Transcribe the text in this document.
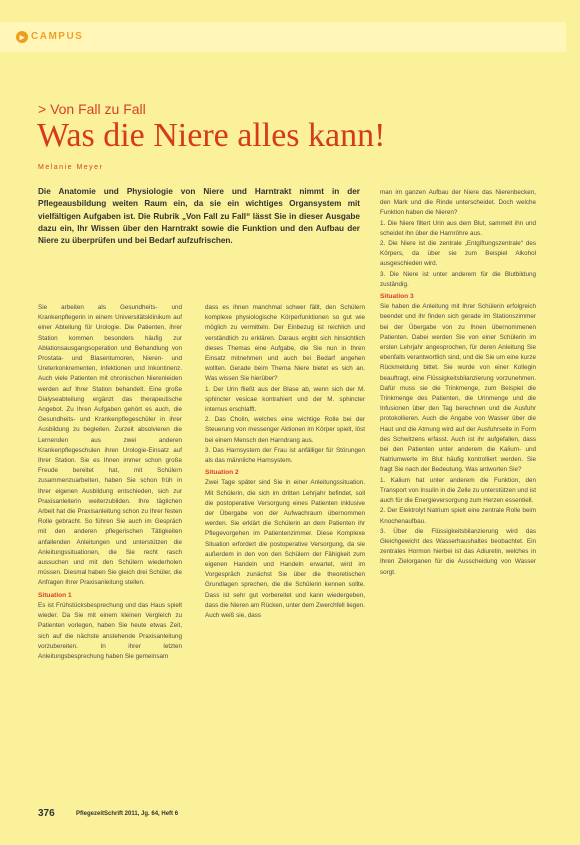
▸ CAMPUS
> Von Fall zu Fall
Was die Niere alles kann!
Melanie Meyer
Die Anatomie und Physiologie von Niere und Harntrakt nimmt in der Pflegeausbildung weiten Raum ein, da sie ein wichtiges Organsystem mit vielfältigen Aufgaben ist. Die Rubrik „Von Fall zu Fall“ lässt Sie in dieser Ausgabe dazu ein, Ihr Wissen über den Harntrakt sowie die Funktion und den Aufbau der Niere zu überprüfen und bei Bedarf aufzufrischen.

Sie arbeiten als Gesundheits- und Krankenpflegerin in einem Universitätsklinikum auf einer Abteilung für Urologie. Die Patienten, ihrer Station kommen besonders häufig zur Ablationsausgangsoperation und Behandlung von Prostata- und Blasentumoren, Nieren- und Ureterkonkrementen, Infektionen und Inkontinenz. Auch viele Patienten mit chronischen Nierenleiden werden auf Ihrer Station behandelt. Eine große Dialyseabteilung ergänzt das therapeutische Angebot. Zu Ihren Aufgaben gehört es auch, die Gesundheits- und Krankenpflegeschüler in ihrer Ausbildung zu begleiten. Zurzeit absolvieren die Lernenden aus zwei anderen Krankenpflegeschulen ihren Urologie-Einsatz auf Ihrer Station. Sie es Ihnen immer schon große Freude bereitet hat, mit Schülern zusammenzuarbeiten, haben Sie schon früh in Ihrer eigenen Ausbildung entschieden, sich zur Praxisanleiterin weiterzubilden. Ihre täglichen Arbeit hat die Praxisanleitung schon zu Ihrer festen Rolle gebracht. So führen Sie auch im Gespräch mit den anderen pflegerischen Tätigkeiten anfallenden Anleitungen und unterstützen die Anleitungssituationen, die Sie recht rasch aussuchen und mit den Schülern wiederholen müssen. Diesmal haben Sie gleich drei Schüler, die Anfragen Ihrer Praxisanleitung stellen.

Situation 1

Es ist Frühstücksbesprechung und das Haus spielt wieder. Da Sie mit einem kleinen Vergleich zu Patienten vorlegen, haben Sie heute etwas Zeit, sich auf die nächste anstehende Praxisanleitung vorzubereiten. In ihrer letzten Anleitungsbesprechung haben Sie gemeinsam

dass es ihnen manchmal schwer fällt, den Schülern komplexe physiologische Körperfunktionen so gut wie möglich zu vermitteln. Der Einbezug ist reichlich und verständlich zu erklären. Daraus ergibt sich hinsichtlich dieses Themas eine Aufgabe, die Sie nun in Ihren Einsatz mitnehmen und auch bei Bedarf angehen wollten. Gerade beim Thema Niere bietet es sich an. Was wissen Sie hierüber?

1. Der Urin fließt aus der Blase ab, wenn sich der M. sphincter vesicae kontrahiert und der M. sphincter internus erschlafft.

2. Das Cholin, welches eine wichtige Rolle bei der Steuerung von messenger Aktionen im Körper spielt, löst bei einem Mensch den Harndrang aus.

3. Das Harnsystem der Frau ist anfälliger für Störungen als das männliche Harnsystem.

Situation 2

Zwei Tage später sind Sie in einer Anleitungssituation. Mit Schülerin, die sich im dritten Lehrjahr befindet, soll die postoperative Versorgung eines Patienten inklusive der Übergabe von der Aufwachraum übernommen werden. Sie erklärt die Schülerin an dem Patienten ihr Pflegevorgehen im Patientenzimmer. Diese Komplexe Situation erfordert die postoperative Versorgung, da sie außerdem in den von den Schülern der Fähigkeit zum eigenen Handeln und Handeln erwartet, wird im Vorgespräch zunächst Sie über die theoretischen Grundlagen sprechen, die die Schülerin kennen sollte. Dass ist sehr gut vorbereitet und kann wiedergeben, dass die Nieren am Rücken, unter dem Zwerchfell liegen. Auch weiß sie, dass

man im ganzen Aufbau der Niere das Nierenbecken, den Mark und die Rinde unterscheidet. Doch welche Funktion haben die Nieren?

1. Die Niere filtert Urin aus dem Blut, sammelt ihn und scheidet ihn über die Harnröhre aus.

2. Die Niere ist die zentrale „Entgiftungszentrale“ des Körpers, da über sie zum Beispiel Alkohol ausgeschieden wird.

3. Die Niere ist unter anderem für die Blutbildung zuständig.

Situation 3

Sie haben die Anleitung mit Ihrer Schülerin erfolgreich beendet und ihr finden sich gerade im Stationszimmer bei der Übergabe von zu Ihnen übernommenen Patienten. Dabei werden Sie von einer Schülerin im ersten Lehrjahr angesprochen, für deren Anleitung Sie ebenfalls verantwortlich sind, und die Sie um eine kurze Rückmeldung bittet. Sie wurde von einer Kollegin beauftragt, eine Flüssigkeitsbilanzierung vorzunehmen. Dafür muss sie die Trinkmenge, zum Beispiel die Trinkmenge des Patienten, die Urinmenge und die Infusionen über den Tag berechnen und die Ausfuhr protokollieren. Auch die Angabe von Wasser über die Haut und die Atmung wird auf der Ausfuhrseite in Form des Schwitzens erfasst. Auch ist ihr aufgefallen, dass bei den Patienten unter anderem die Kalium- und Natriumwerte im Blut häufig kontrolliert werden. Sie fragt Sie nach der Bedeutung. Was antworten Sie?

1. Kalium hat unter anderem die Funktion, den Transport von Insulin in die Zelle zu unterstützen und ist auch für die Energieversorgung zum Herzen essentiell.

2. Der Elektrolyt Natrium spielt eine zentrale Rolle beim Knochenaufbau.

3. Über die Flüssigkeitsbilanzierung wird das Gleichgewicht des Wasserhaushaltes beobachtet. Ein zentrales Hormon hierbei ist das Adiuretin, welches in Ihren Zielorganen für die Ausscheidung von Wasser sorgt.

376	PflegezeitSchrift 2011, Jg. 64, Heft 6
